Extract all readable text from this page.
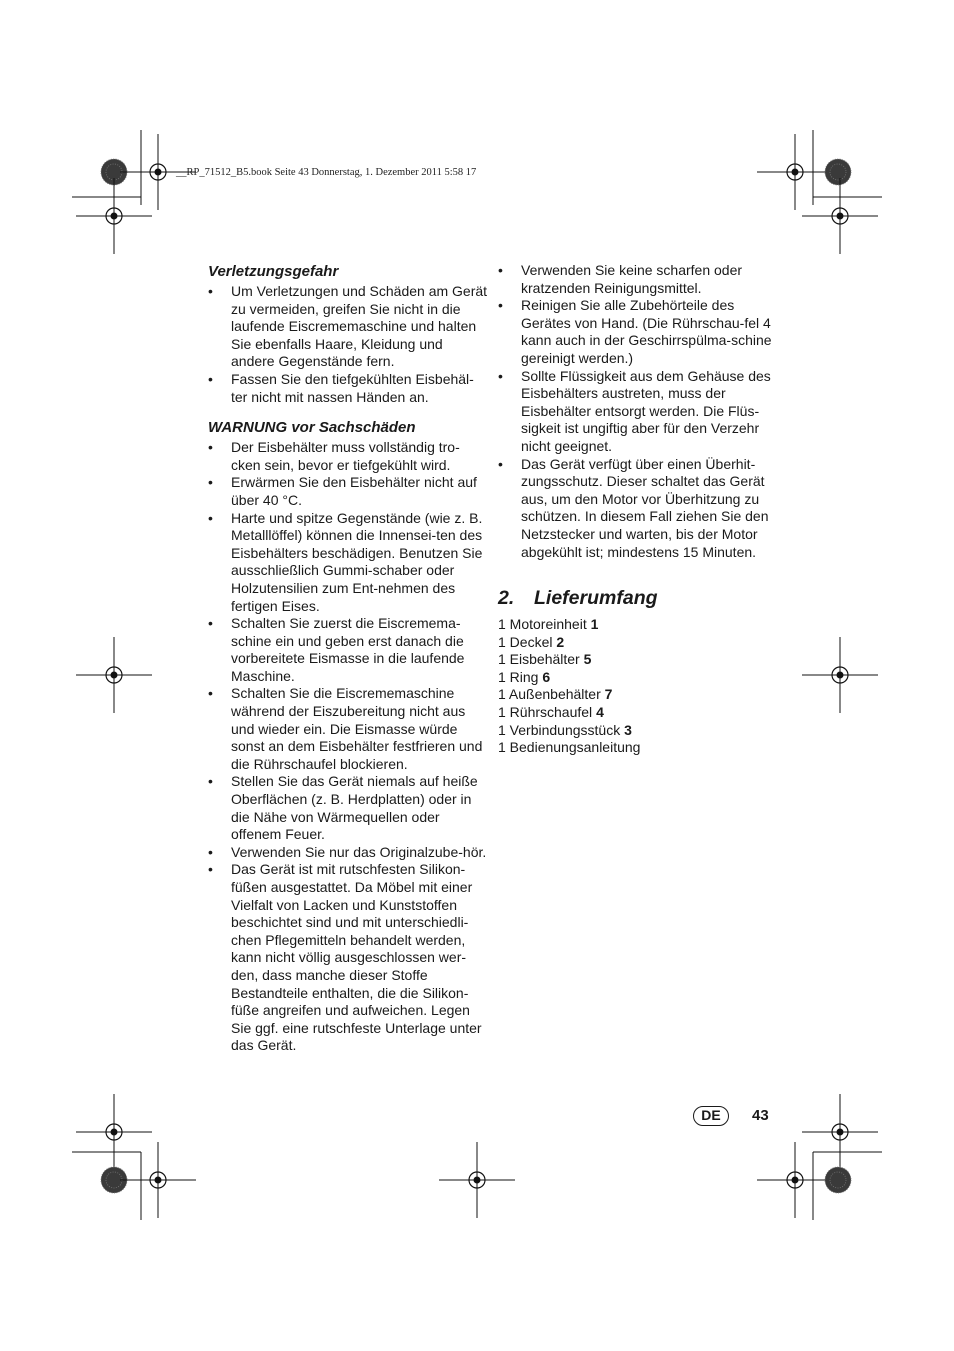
__RP_71512_B5.book Seite 43 Donnerstag, 1. Dezember 2011 5:58 17
Verletzungsgefahr
• Um Verletzungen und Schäden am Gerät zu vermeiden, greifen Sie nicht in die laufende Eiscrememaschine und halten Sie ebenfalls Haare, Kleidung und andere Gegenstände fern.
• Fassen Sie den tiefgekühlten Eisbehäl-ter nicht mit nassen Händen an.
WARNUNG vor Sachschäden
• Der Eisbehälter muss vollständig tro-cken sein, bevor er tiefgekühlt wird.
• Erwärmen Sie den Eisbehälter nicht auf über 40 °C.
• Harte und spitze Gegenstände (wie z. B. Metalllöffel) können die Innensei-ten des Eisbehälters beschädigen. Benutzen Sie ausschließlich Gummi-schaber oder Holzutensilien zum Ent-nehmen des fertigen Eises.
• Schalten Sie zuerst die Eiscremema-schine ein und geben erst danach die vorbereitete Eismasse in die laufende Maschine.
• Schalten Sie die Eiscrememaschine während der Eiszubereitung nicht aus und wieder ein. Die Eismasse würde sonst an dem Eisbehälter festfrieren und die Rührschaufel blockieren.
• Stellen Sie das Gerät niemals auf heiße Oberflächen (z. B. Herdplatten) oder in die Nähe von Wärmequellen oder offenem Feuer.
• Verwenden Sie nur das Originalzube-hör.
• Das Gerät ist mit rutschfesten Silikon-füßen ausgestattet. Da Möbel mit einer Vielfalt von Lacken und Kunststoffen beschichtet sind und mit unterschiedli-chen Pflegemitteln behandelt werden, kann nicht völlig ausgeschlossen wer-den, dass manche dieser Stoffe Bestandteile enthalten, die die Silikon-füße angreifen und aufweichen. Legen Sie ggf. eine rutschfeste Unterlage unter das Gerät.
• Verwenden Sie keine scharfen oder kratzenden Reinigungsmittel.
• Reinigen Sie alle Zubehörteile des Gerätes von Hand. (Die Rührschau-fel 4 kann auch in der Geschirrspülma-schine gereinigt werden.)
• Sollte Flüssigkeit aus dem Gehäuse des Eisbehälters austreten, muss der Eisbehälter entsorgt werden. Die Flüs-sigkeit ist ungiftig aber für den Verzehr nicht geeignet.
• Das Gerät verfügt über einen Überhit-zungsschutz. Dieser schaltet das Gerät aus, um den Motor vor Überhitzung zu schützen. In diesem Fall ziehen Sie den Netzstecker und warten, bis der Motor abgekühlt ist; mindestens 15 Minuten.
2.	Lieferumfang
1 Motoreinheit 1
1 Deckel 2
1 Eisbehälter 5
1 Ring 6
1 Außenbehälter 7
1 Rührschaufel 4
1 Verbindungsstück 3
1 Bedienungsanleitung
DE	43
